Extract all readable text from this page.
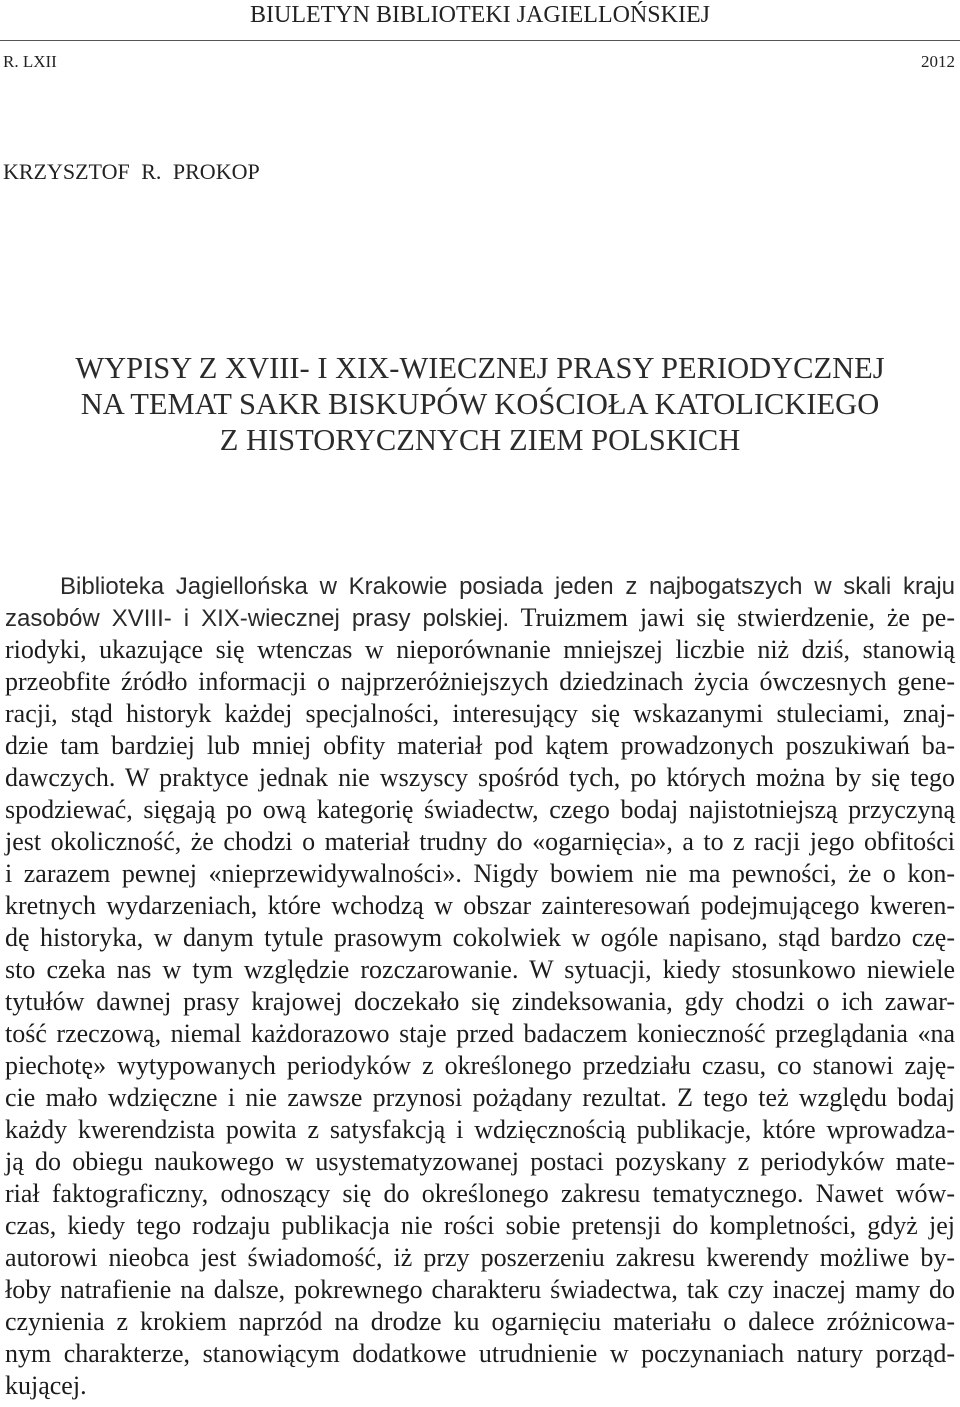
BIULETYN BIBLIOTEKI JAGIELLOŃSKIEJ
R. LXII	2012
KRZYSZTOF R. PROKOP
WYPISY Z XVIII- I XIX-WIECZNEJ PRASY PERIODYCZNEJ
NA TEMAT SAKR BISKUPÓW KOŚCIOŁA KATOLICKIEGO
Z HISTORYCZNYCH ZIEM POLSKICH
Biblioteka Jagiellońska w Krakowie posiada jeden z najbogatszych w skali kraju
zasobów XVIII- i XIX-wiecznej prasy polskiej. Truizmem jawi się stwierdzenie, że pe-
riodyki, ukazujące się wtenczas w nieporównanie mniejszej liczbie niż dziś, stanowią
przeobfite źródło informacji o najprzeróżniejszych dziedzinach życia ówczesnych gene-
racji, stąd historyk każdej specjalności, interesujący się wskazanymi stuleciami, znaj-
dzie tam bardziej lub mniej obfity materiał pod kątem prowadzonych poszukiwań ba-
dawczych. W praktyce jednak nie wszyscy spośród tych, po których można by się tego
spodziewać, sięgają po ową kategorię świadectw, czego bodaj najistotniejszą przyczyną
jest okoliczność, że chodzi o materiał trudny do «ogarnięcia», a to z racji jego obfitości
i zarazem pewnej «nieprzewidywalności». Nigdy bowiem nie ma pewności, że o kon-
kretnych wydarzeniach, które wchodzą w obszar zainteresowań podejmującego kweren-
dę historyka, w danym tytule prasowym cokolwiek w ogóle napisano, stąd bardzo czę-
sto czeka nas w tym względzie rozczarowanie. W sytuacji, kiedy stosunkowo niewiele
tytułów dawnej prasy krajowej doczekało się zindeksowania, gdy chodzi o ich zawar-
tość rzeczową, niemal każdorazowo staje przed badaczem konieczność przeglądania «na
piechotę» wytypowanych periodyków z określonego przedziału czasu, co stanowi zaję-
cie mało wdzięczne i nie zawsze przynosi pożądany rezultat. Z tego też względu bodaj
każdy kwerendzista powita z satysfakcją i wdzięcznością publikacje, które wprowadza-
ją do obiegu naukowego w usystematyzowanej postaci pozyskany z periodyków mate-
riał faktograficzny, odnoszący się do określonego zakresu tematycznego. Nawet wów-
czas, kiedy tego rodzaju publikacja nie rości sobie pretensji do kompletności, gdyż jej
autorowi nieobca jest świadomość, iż przy poszerzeniu zakresu kwerendy możliwe by-
łoby natrafienie na dalsze, pokrewnego charakteru świadectwa, tak czy inaczej mamy do
czynienia z krokiem naprzód na drodze ku ogarnięciu materiału o dalece zróżnicowa-
nym charakterze, stanowiącym dodatkowe utrudnienie w poczynaniach natury porząd-
kującej.
